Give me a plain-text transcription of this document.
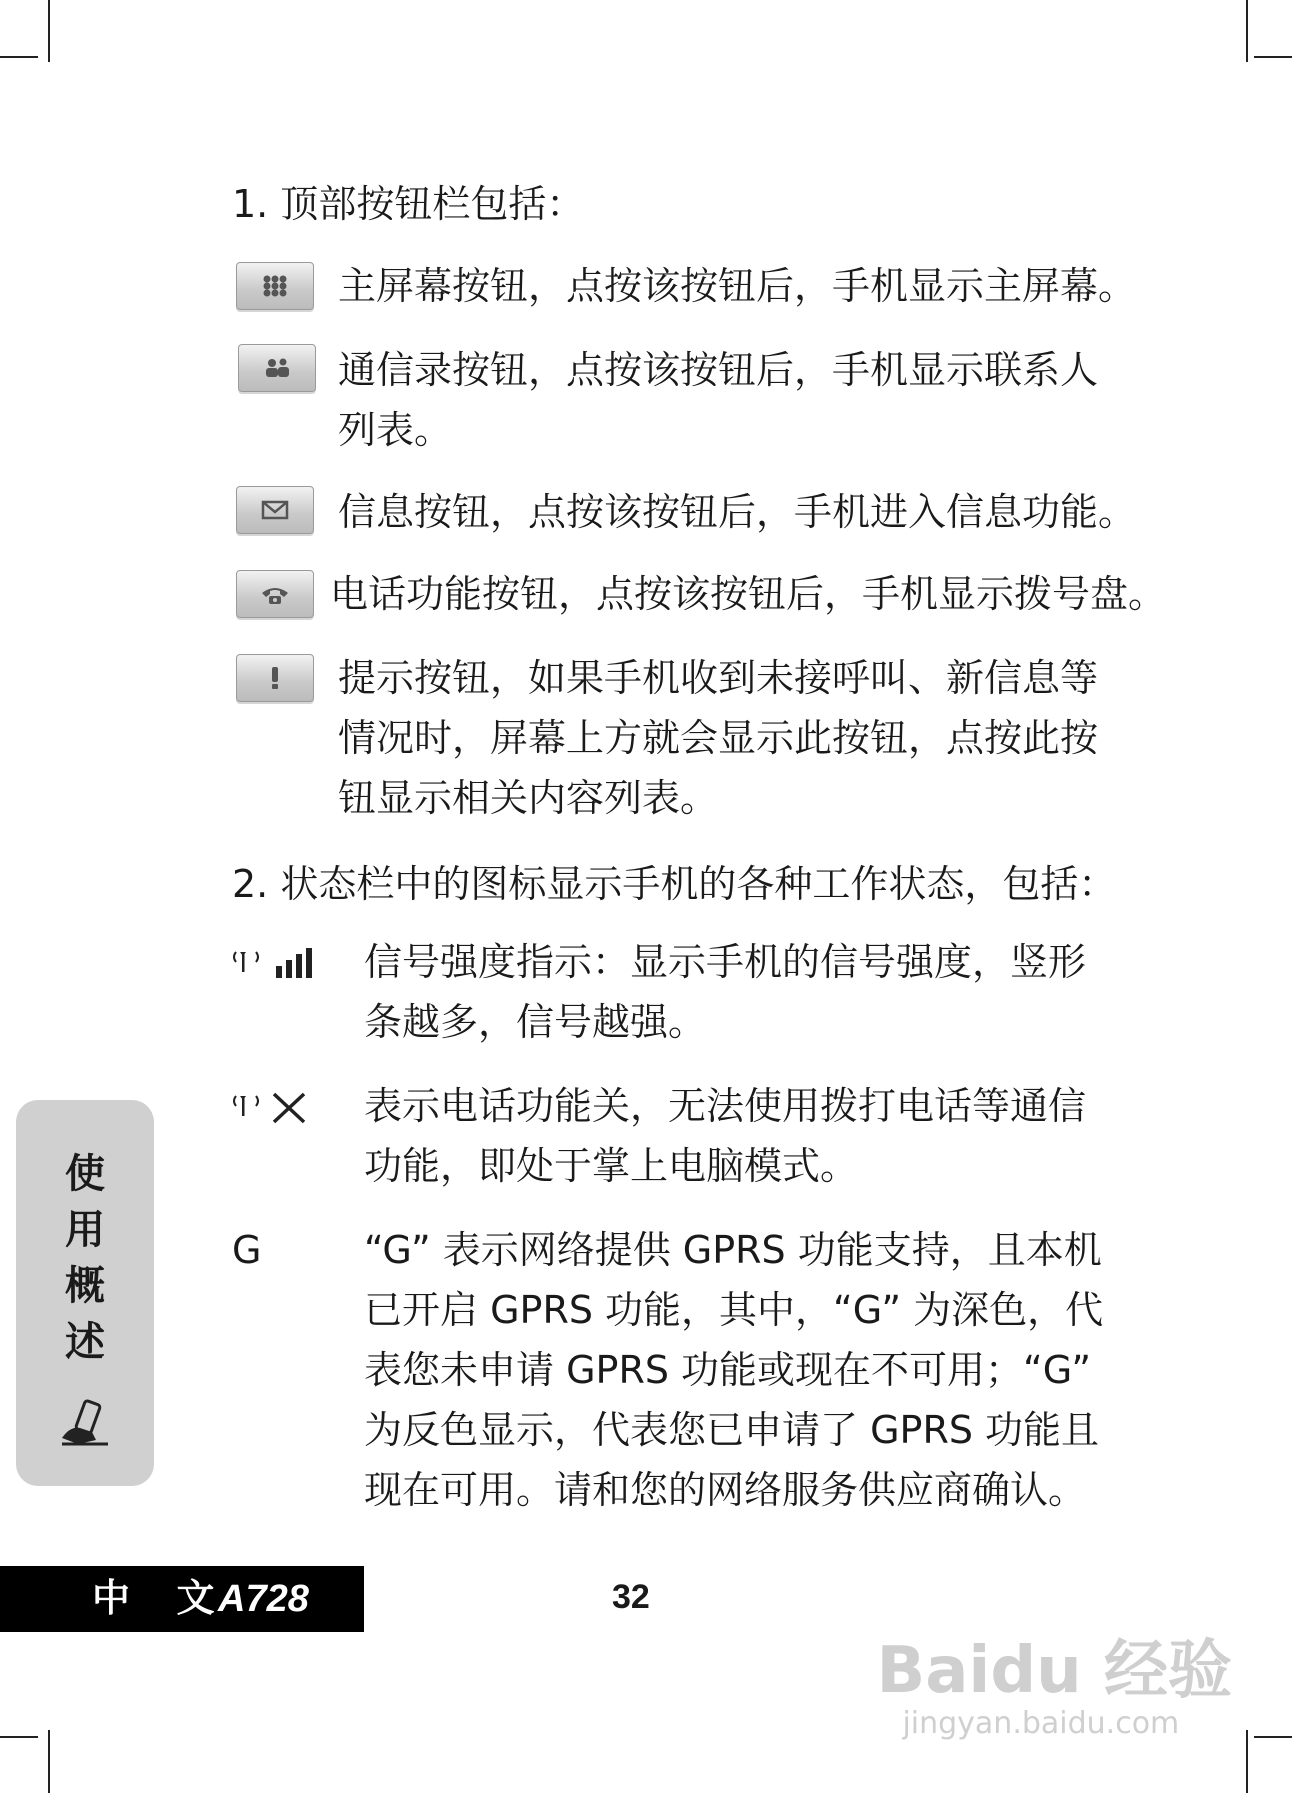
1. 顶部按钮栏包括：
主屏幕按钮，点按该按钮后，手机显示主屏幕。
通信录按钮，点按该按钮后，手机显示联系人
列表。
信息按钮，点按该按钮后，手机进入信息功能。
电话功能按钮，点按该按钮后，手机显示拨号盘。
提示按钮，如果手机收到未接呼叫、新信息等
情况时，屏幕上方就会显示此按钮，点按此按
钮显示相关内容列表。
2. 状态栏中的图标显示手机的各种工作状态，包括：
信号强度指示：显示手机的信号强度，竖形
条越多，信号越强。
表示电话功能关，无法使用拨打电话等通信
功能，即处于掌上电脑模式。
G	“G” 表示网络提供 GPRS 功能支持，且本机
已开启 GPRS 功能，其中，“G” 为深色，代
表您未申请 GPRS 功能或现在不可用；“G”
为反色显示，代表您已申请了 GPRS 功能且
现在可用。请和您的网络服务供应商确认。
使
用
概
述
中 文
A728	32
Baidu 经验
jingyan.baidu.com
